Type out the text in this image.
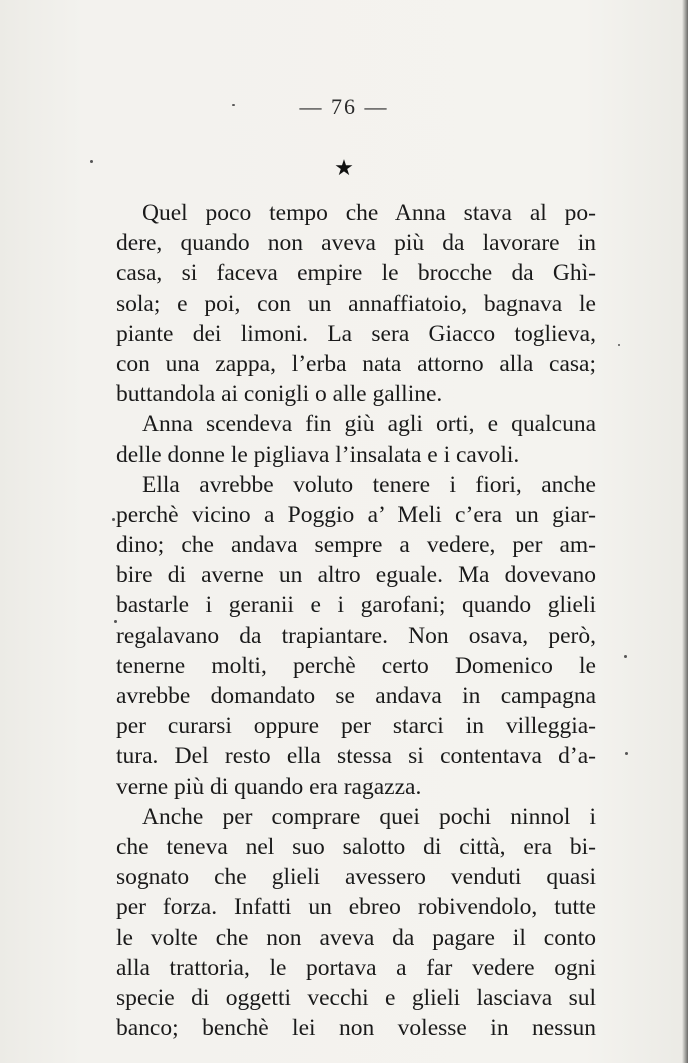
— 76 —
★
Quel poco tempo che Anna stava al po-
dere, quando non aveva più da lavorare in
casa, si faceva empire le brocche da Ghì-
sola; e poi, con un annaffiatoio, bagnava le
piante dei limoni. La sera Giacco toglieva,
con una zappa, l’erba nata attorno alla casa;
buttandola ai conigli o alle galline.
Anna scendeva fin giù agli orti, e qualcuna
delle donne le pigliava l’insalata e i cavoli.
Ella avrebbe voluto tenere i fiori, anche
perchè vicino a Poggio a’ Meli c’era un giar-
dino; che andava sempre a vedere, per am-
bire di averne un altro eguale. Ma dovevano
bastarle i geranii e i garofani; quando glieli
regalavano da trapiantare. Non osava, però,
tenerne molti, perchè certo Domenico le
avrebbe domandato se andava in campagna
per curarsi oppure per starci in villeggia-
tura. Del resto ella stessa si contentava d’a-
verne più di quando era ragazza.
Anche per comprare quei pochi ninnol i
che teneva nel suo salotto di città, era bi-
sognato che glieli avessero venduti quasi
per forza. Infatti un ebreo robivendolo, tutte
le volte che non aveva da pagare il conto
alla trattoria, le portava a far vedere ogni
specie di oggetti vecchi e glieli lasciava sul
banco; benchè lei non volesse in nessun
